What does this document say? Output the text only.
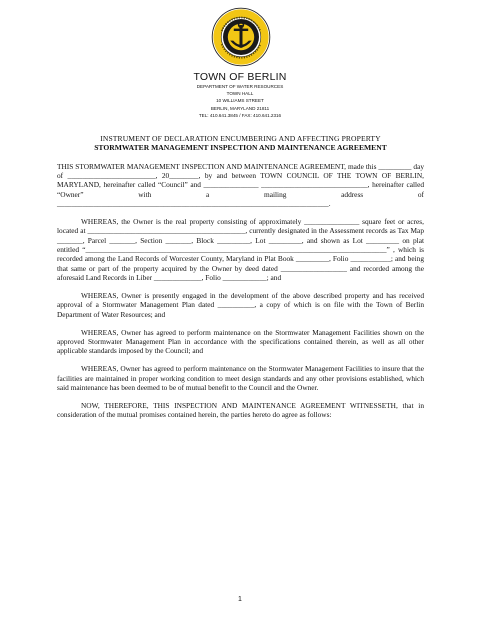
TOWN OF BERLIN
DEPARTMENT OF WATER RESOURCES
TOWN HALL
10 WILLIAMS STREET
BERLIN, MARYLAND 21811
TEL: 410.641.3845 / FAX: 410.641.2316
INSTRUMENT OF DECLARATION ENCUMBERING AND AFFECTING PROPERTY
STORMWATER MANAGEMENT INSPECTION AND MAINTENANCE AGREEMENT

THIS STORMWATER MANAGEMENT INSPECTION AND MAINTENANCE AGREEMENT, made this _________ day of ________________________, 20________, by and between TOWN COUNCIL OF THE TOWN OF BERLIN, MARYLAND, hereinafter called “Council” and _______________ _____________________________, hereinafter called “Owner” with a mailing address of __________________________________________________________________________.

WHEREAS, the Owner is the real property consisting of approximately _______________ square feet or acres, located at ___________________________________________, currently designated in the Assessment records as Tax Map _______, Parcel _______, Section _______, Block _________, Lot _________, and shown as Lot _________ on plat entitled “__________________________________________________________________________________” , which is recorded among the Land Records of Worcester County, Maryland in Plat Book _________, Folio ___________; and being that same or part of the property acquired by the Owner by deed dated __________________ and recorded among the aforesaid Land Records in Liber _____________, Folio ____________; and

WHEREAS, Owner is presently engaged in the development of the above described property and has received approval of a Stormwater Management Plan dated __________, a copy of which is on file with the Town of Berlin Department of Water Resources; and

WHEREAS, Owner has agreed to perform maintenance on the Stormwater Management Facilities shown on the approved Stormwater Management Plan in accordance with the specifications contained therein, as well as all other applicable standards imposed by the Council; and

WHEREAS, Owner has agreed to perform maintenance on the Stormwater Management Facilities to insure that the facilities are maintained in proper working condition to meet design standards and any other provisions established, which said maintenance has been deemed to be of mutual benefit to the Council and the Owner.

NOW, THEREFORE, THIS INSPECTION AND MAINTENANCE AGREEMENT WITNESSETH, that in consideration of the mutual promises contained herein, the parties hereto do agree as follows:

1
